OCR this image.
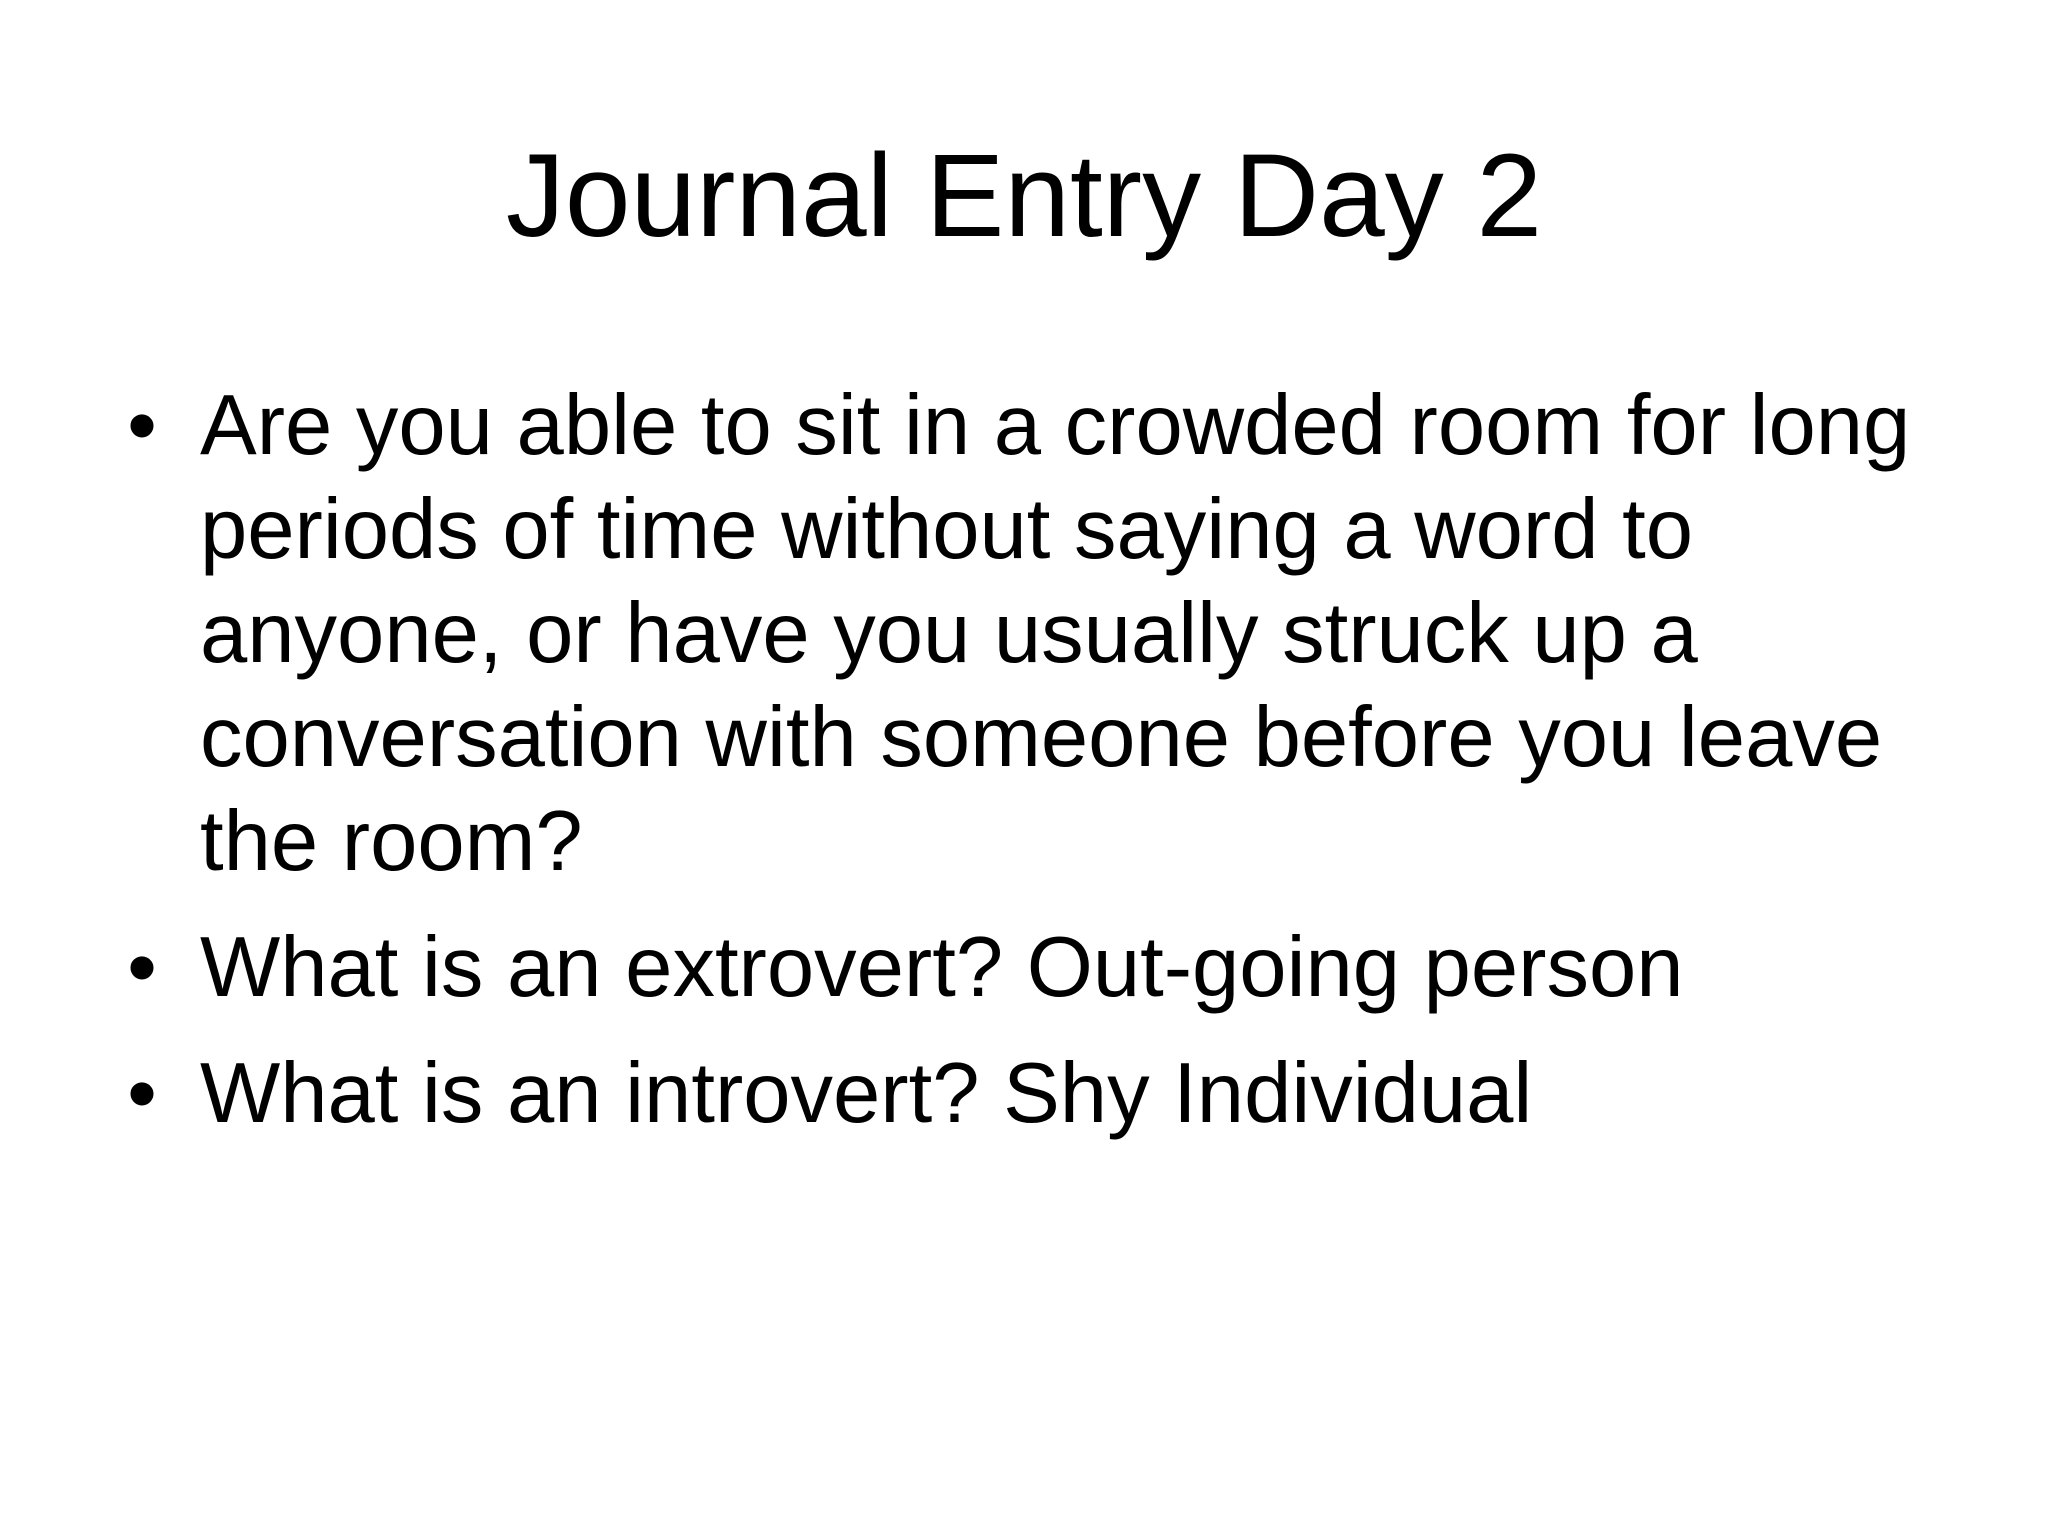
Journal Entry Day 2
• Are you able to sit in a crowded room for long periods of time without saying a word to anyone, or have you usually struck up a conversation with someone before you leave the room?
• What is an extrovert? Out-going person
• What is an introvert? Shy Individual
